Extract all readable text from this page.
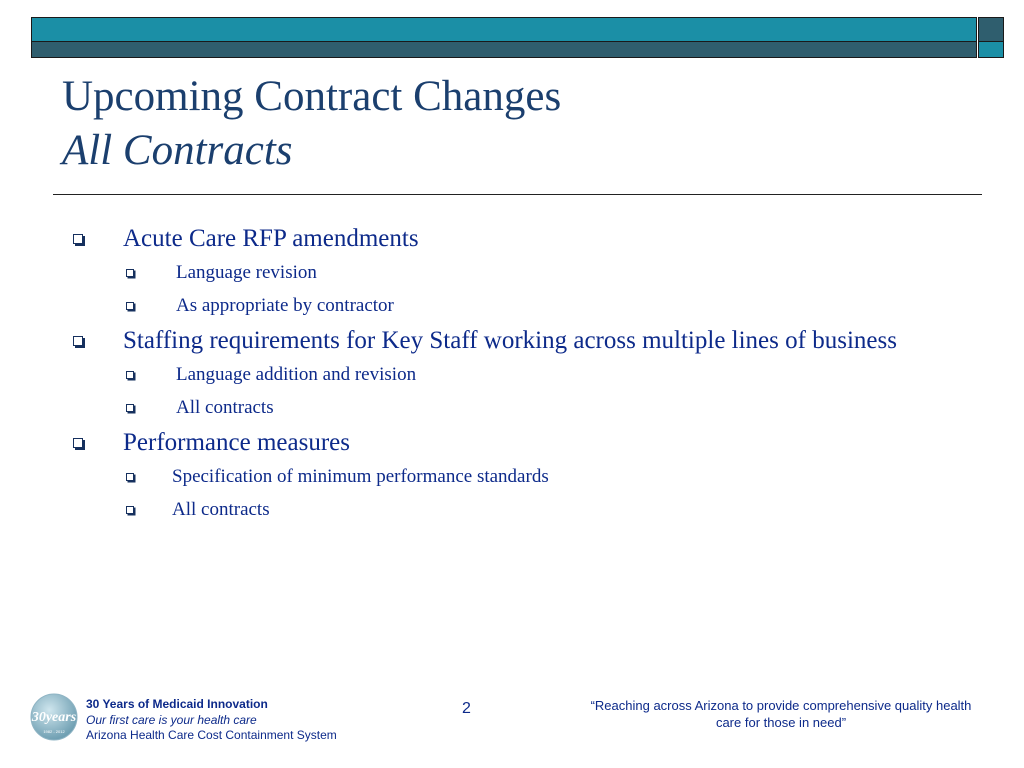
Upcoming Contract Changes
All Contracts
Acute Care RFP amendments
Language revision
As appropriate by contractor
Staffing requirements for Key Staff working across multiple lines of business
Language addition and revision
All contracts
Performance measures
Specification of minimum performance standards
All contracts
30years
1982 - 2012
30 Years of Medicaid Innovation
Our first care is your health care
Arizona Health Care Cost Containment System
2	“Reaching across Arizona to provide comprehensive quality health care for those in need”
